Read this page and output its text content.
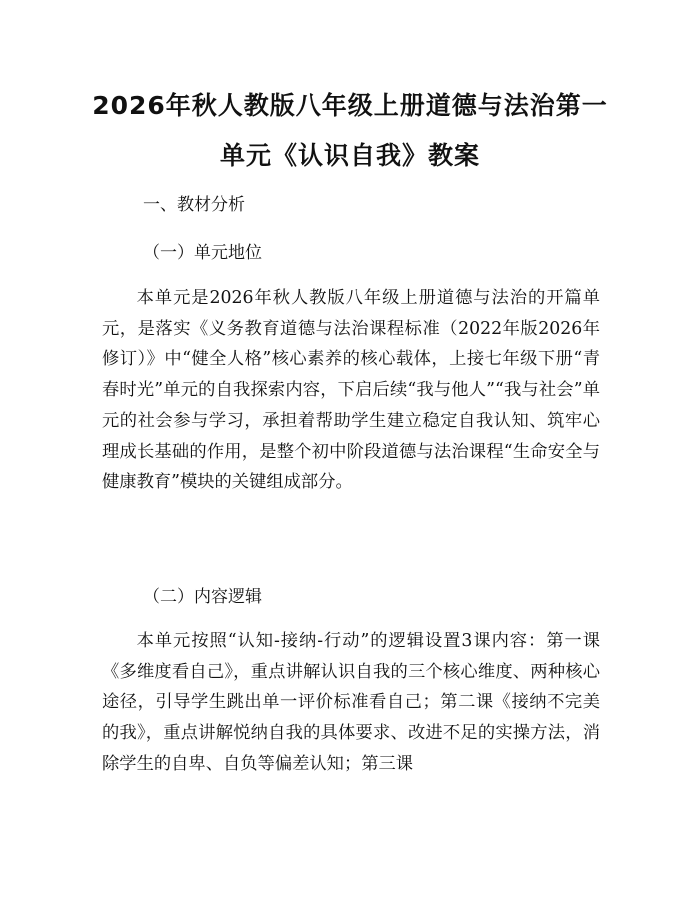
2026年秋人教版八年级上册道德与法治第一
单元《认识自我》教案
一、教材分析
（一）单元地位

本单元是2026年秋人教版八年级上册道德与法治的开篇单元，是落实《义务教育道德与法治课程标准（2022年版2026年修订）》中“健全人格”核心素养的核心载体，上接七年级下册“青春时光”单元的自我探索内容，下启后续“我与他人”“我与社会”单元的社会参与学习，承担着帮助学生建立稳定自我认知、筑牢心理成长基础的作用，是整个初中阶段道德与法治课程“生命安全与健康教育”模块的关键组成部分。

（二）内容逻辑

本单元按照“认知-接纳-行动”的逻辑设置3课内容：第一课《多维度看自己》，重点讲解认识自我的三个核心维度、两种核心途径，引导学生跳出单一评价标准看自己；第二课《接纳不完美的我》，重点讲解悦纳自我的具体要求、改进不足的实操方法，消除学生的自卑、自负等偏差认知；第三课
